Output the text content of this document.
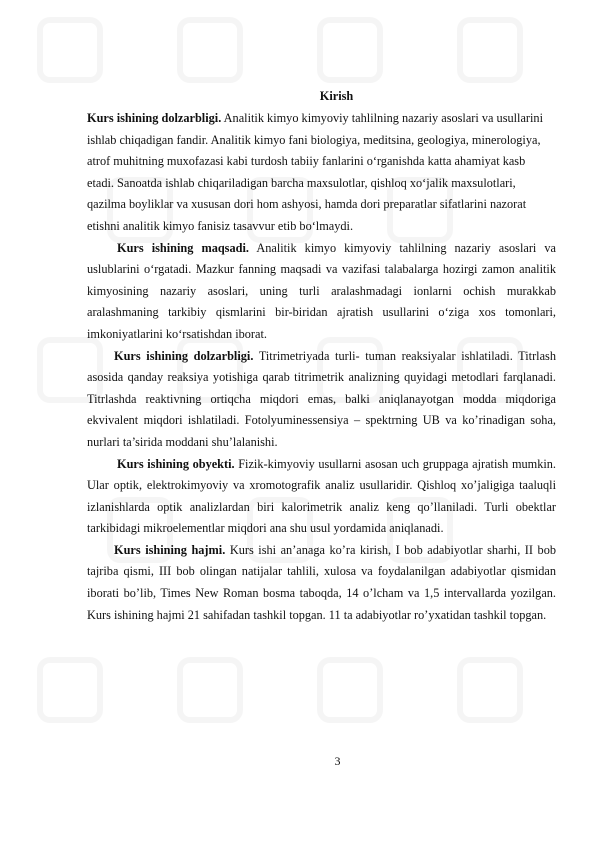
Kirish

Kurs ishining dolzarbligi. Analitik kimyo kimyoviy tahlilning nazariy asoslari va usullarini ishlab chiqadigan fandir. Analitik kimyo fani biologiya, meditsina, geologiya, minerologiya, atrof muhitning muxofazasi kabi turdosh tabiiy fanlarini o‘rganishda katta ahamiyat kasb etadi. Sanoatda ishlab chiqariladigan barcha maxsulotlar, qishloq xo‘jalik maxsulotlari, qazilma boyliklar va xususan dori hom ashyosi, hamda dori preparatlar sifatlarini nazorat etishni analitik kimyo fanisiz tasavvur etib bo‘lmaydi.

Kurs ishining maqsadi. Analitik kimyo kimyoviy tahlilning nazariy asoslari va uslublarini o‘rgatadi. Mazkur fanning maqsadi va vazifasi talabalarga hozirgi zamon analitik kimyosining nazariy asoslari, uning turli aralashmadagi ionlarni ochish murakkab aralashmaning tarkibiy qismlarini bir-biridan ajratish usullarini o‘ziga xos tomonlari, imkoniyatlarini ko‘rsatishdan iborat.

Kurs ishining dolzarbligi. Titrimetriyada turli- tuman reaksiyalar ishlatiladi. Titrlash asosida qanday reaksiya yotishiga qarab titrimetrik analizning quyidagi metodlari farqlanadi. Titrlashda reaktivning ortiqcha miqdori emas, balki aniqlanayotgan modda miqdoriga ekvivalent miqdori ishlatiladi. Fotolyuminessensiya – spektrning UB va ko’rinadigan soha, nurlari ta’sirida moddani shu’lalanishi.

Kurs ishining obyekti. Fizik-kimyoviy usullarni asosan uch gruppaga ajratish mumkin. Ular optik, elektrokimyoviy va xromotografik analiz usullaridir. Qishloq xo’jaligiga taaluqli izlanishlarda optik analizlardan biri kalorimetrik analiz keng qo’llaniladi. Turli obektlar tarkibidagi mikroelementlar miqdori ana shu usul yordamida aniqlanadi.

Kurs ishining hajmi. Kurs ishi an’anaga ko’ra kirish, I bob adabiyotlar sharhi, II bob tajriba qismi, III bob olingan natijalar tahlili, xulosa va foydalanilgan adabiyotlar qismidan iborati bo’lib, Times New Roman bosma taboqda, 14 o’lcham va 1,5 intervallarda yozilgan. Kurs ishining hajmi 21 sahifadan tashkil topgan. 11 ta adabiyotlar ro’yxatidan tashkil topgan.

3
